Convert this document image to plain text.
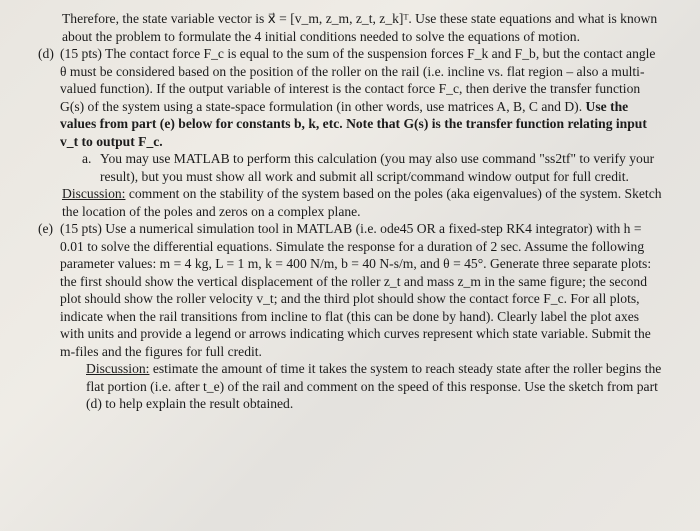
Therefore, the state variable vector is x⃗ = [v_m, z_m, z_t, z_k]ᵀ. Use these state equations and what is known about the problem to formulate the 4 initial conditions needed to solve the equations of motion.

(d) (15 pts) The contact force F_c is equal to the sum of the suspension forces F_k and F_b, but the contact angle θ must be considered based on the position of the roller on the rail (i.e. incline vs. flat region – also a multi-valued function). If the output variable of interest is the contact force F_c, then derive the transfer function G(s) of the system using a state-space formulation (in other words, use matrices A, B, C and D). Use the values from part (e) below for constants b, k, etc. Note that G(s) is the transfer function relating input v_t to output F_c.
a. You may use MATLAB to perform this calculation (you may also use command "ss2tf" to verify your result), but you must show all work and submit all script/command window output for full credit.

Discussion: comment on the stability of the system based on the poles (aka eigenvalues) of the system. Sketch the location of the poles and zeros on a complex plane.

(e) (15 pts) Use a numerical simulation tool in MATLAB (i.e. ode45 OR a fixed-step RK4 integrator) with h = 0.01 to solve the differential equations. Simulate the response for a duration of 2 sec. Assume the following parameter values: m = 4 kg, L = 1 m, k = 400 N/m, b = 40 N-s/m, and θ = 45°. Generate three separate plots: the first should show the vertical displacement of the roller z_t and mass z_m in the same figure; the second plot should show the roller velocity v_t; and the third plot should show the contact force F_c. For all plots, indicate when the rail transitions from incline to flat (this can be done by hand). Clearly label the plot axes with units and provide a legend or arrows indicating which curves represent which state variable. Submit the m-files and the figures for full credit.

Discussion: estimate the amount of time it takes the system to reach steady state after the roller begins the flat portion (i.e. after t_e) of the rail and comment on the speed of this response. Use the sketch from part (d) to help explain the result obtained.
